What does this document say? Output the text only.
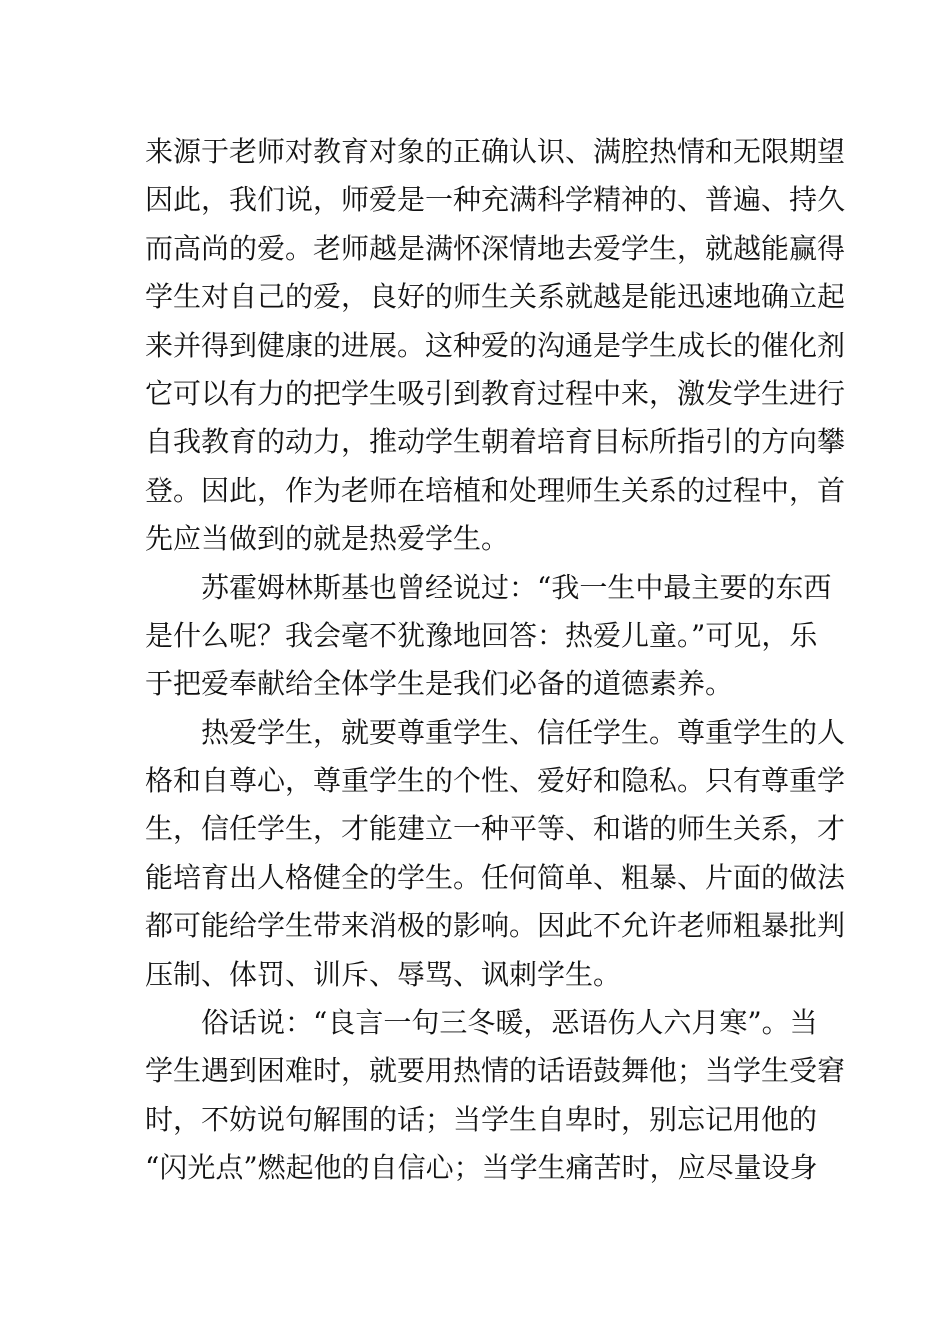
来源于老师对教育对象的正确认识、满腔热情和无限期望
因此，我们说，师爱是一种充满科学精神的、普遍、持久
而高尚的爱。老师越是满怀深情地去爱学生，就越能赢得
学生对自己的爱，良好的师生关系就越是能迅速地确立起
来并得到健康的进展。这种爱的沟通是学生成长的催化剂
它可以有力的把学生吸引到教育过程中来，激发学生进行
自我教育的动力，推动学生朝着培育目标所指引的方向攀
登。因此，作为老师在培植和处理师生关系的过程中，首
先应当做到的就是热爱学生。
苏霍姆林斯基也曾经说过：“我一生中最主要的东西
是什么呢？我会毫不犹豫地回答：热爱儿童。”可见，乐
于把爱奉献给全体学生是我们必备的道德素养。
热爱学生，就要尊重学生、信任学生。尊重学生的人
格和自尊心，尊重学生的个性、爱好和隐私。只有尊重学
生，信任学生，才能建立一种平等、和谐的师生关系，才
能培育出人格健全的学生。任何简单、粗暴、片面的做法
都可能给学生带来消极的影响。因此不允许老师粗暴批判
压制、体罚、训斥、辱骂、讽刺学生。
俗话说：“良言一句三冬暖，恶语伤人六月寒”。当
学生遇到困难时，就要用热情的话语鼓舞他；当学生受窘
时，不妨说句解围的话；当学生自卑时，别忘记用他的
“闪光点”燃起他的自信心；当学生痛苦时，应尽量设身
